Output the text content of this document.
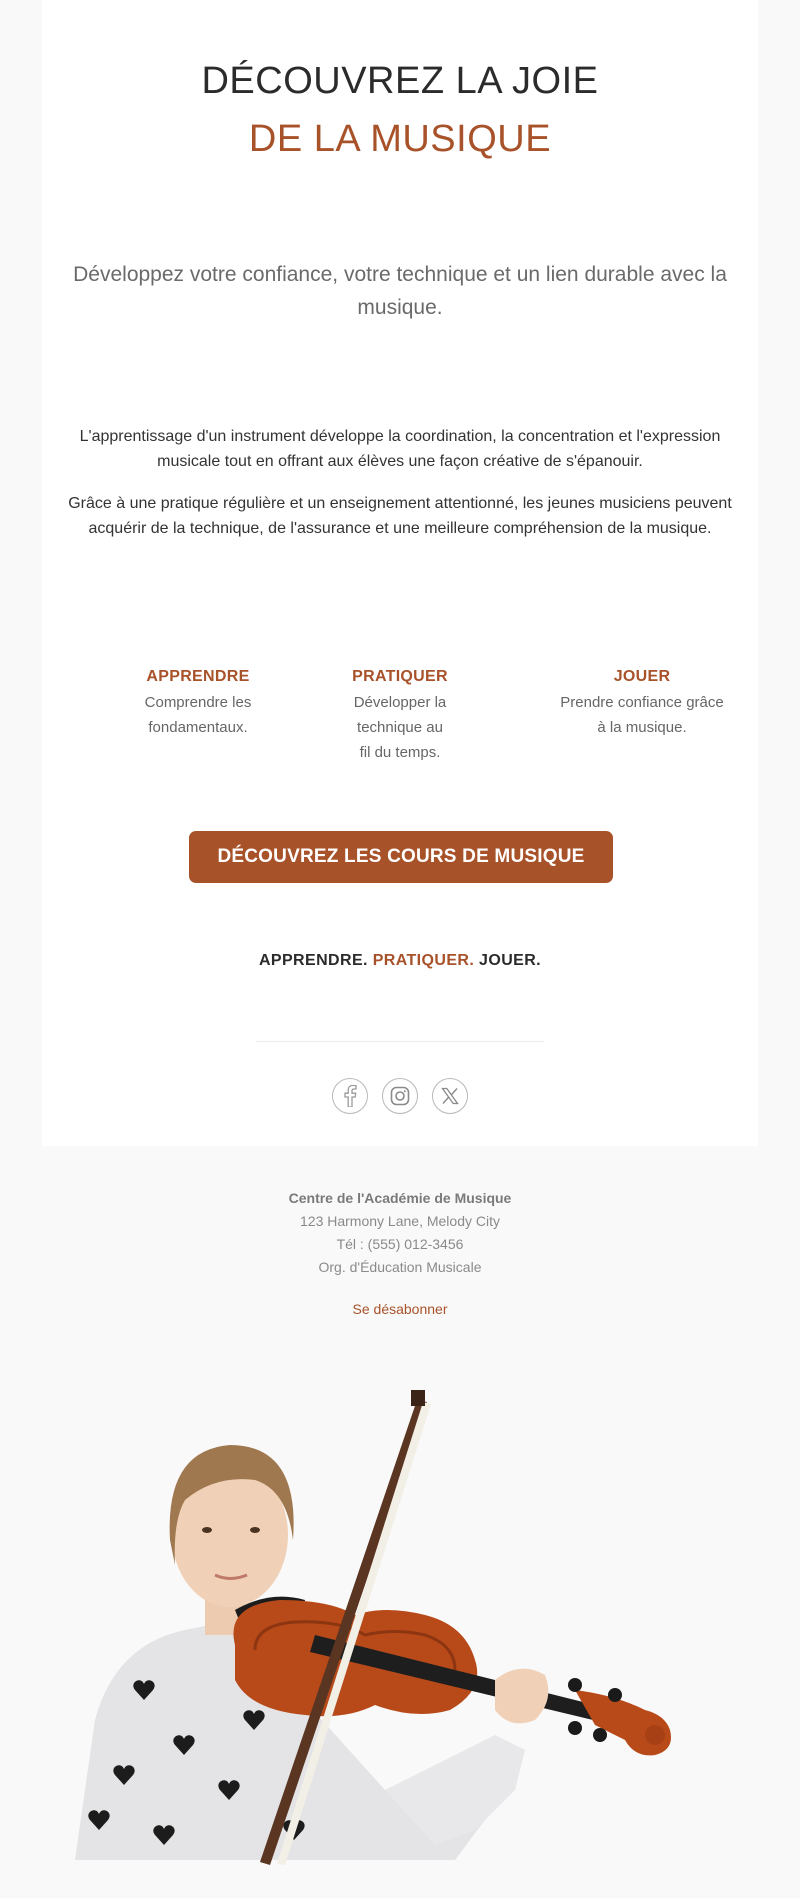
DÉCOUVREZ LA JOIE
DE LA MUSIQUE
Développez votre confiance, votre technique et un lien durable avec la musique.

L'apprentissage d'un instrument développe la coordination, la concentration et l'expression musicale tout en offrant aux élèves une façon créative de s'épanouir.

Grâce à une pratique régulière et un enseignement attentionné, les jeunes musiciens peuvent acquérir de la technique, de l'assurance et une meilleure compréhension de la musique.

APPRENDRE
Comprendre les fondamentaux.
PRATIQUER
Développer la technique au fil du temps.
JOUER
Prendre confiance grâce à la musique.
DÉCOUVREZ LES COURS DE MUSIQUE
APPRENDRE. PRATIQUER. JOUER.

Centre de l'Académie de Musique
123 Harmony Lane, Melody City
Tél : (555) 012-3456
Org. d'Éducation Musicale
Se désabonner
